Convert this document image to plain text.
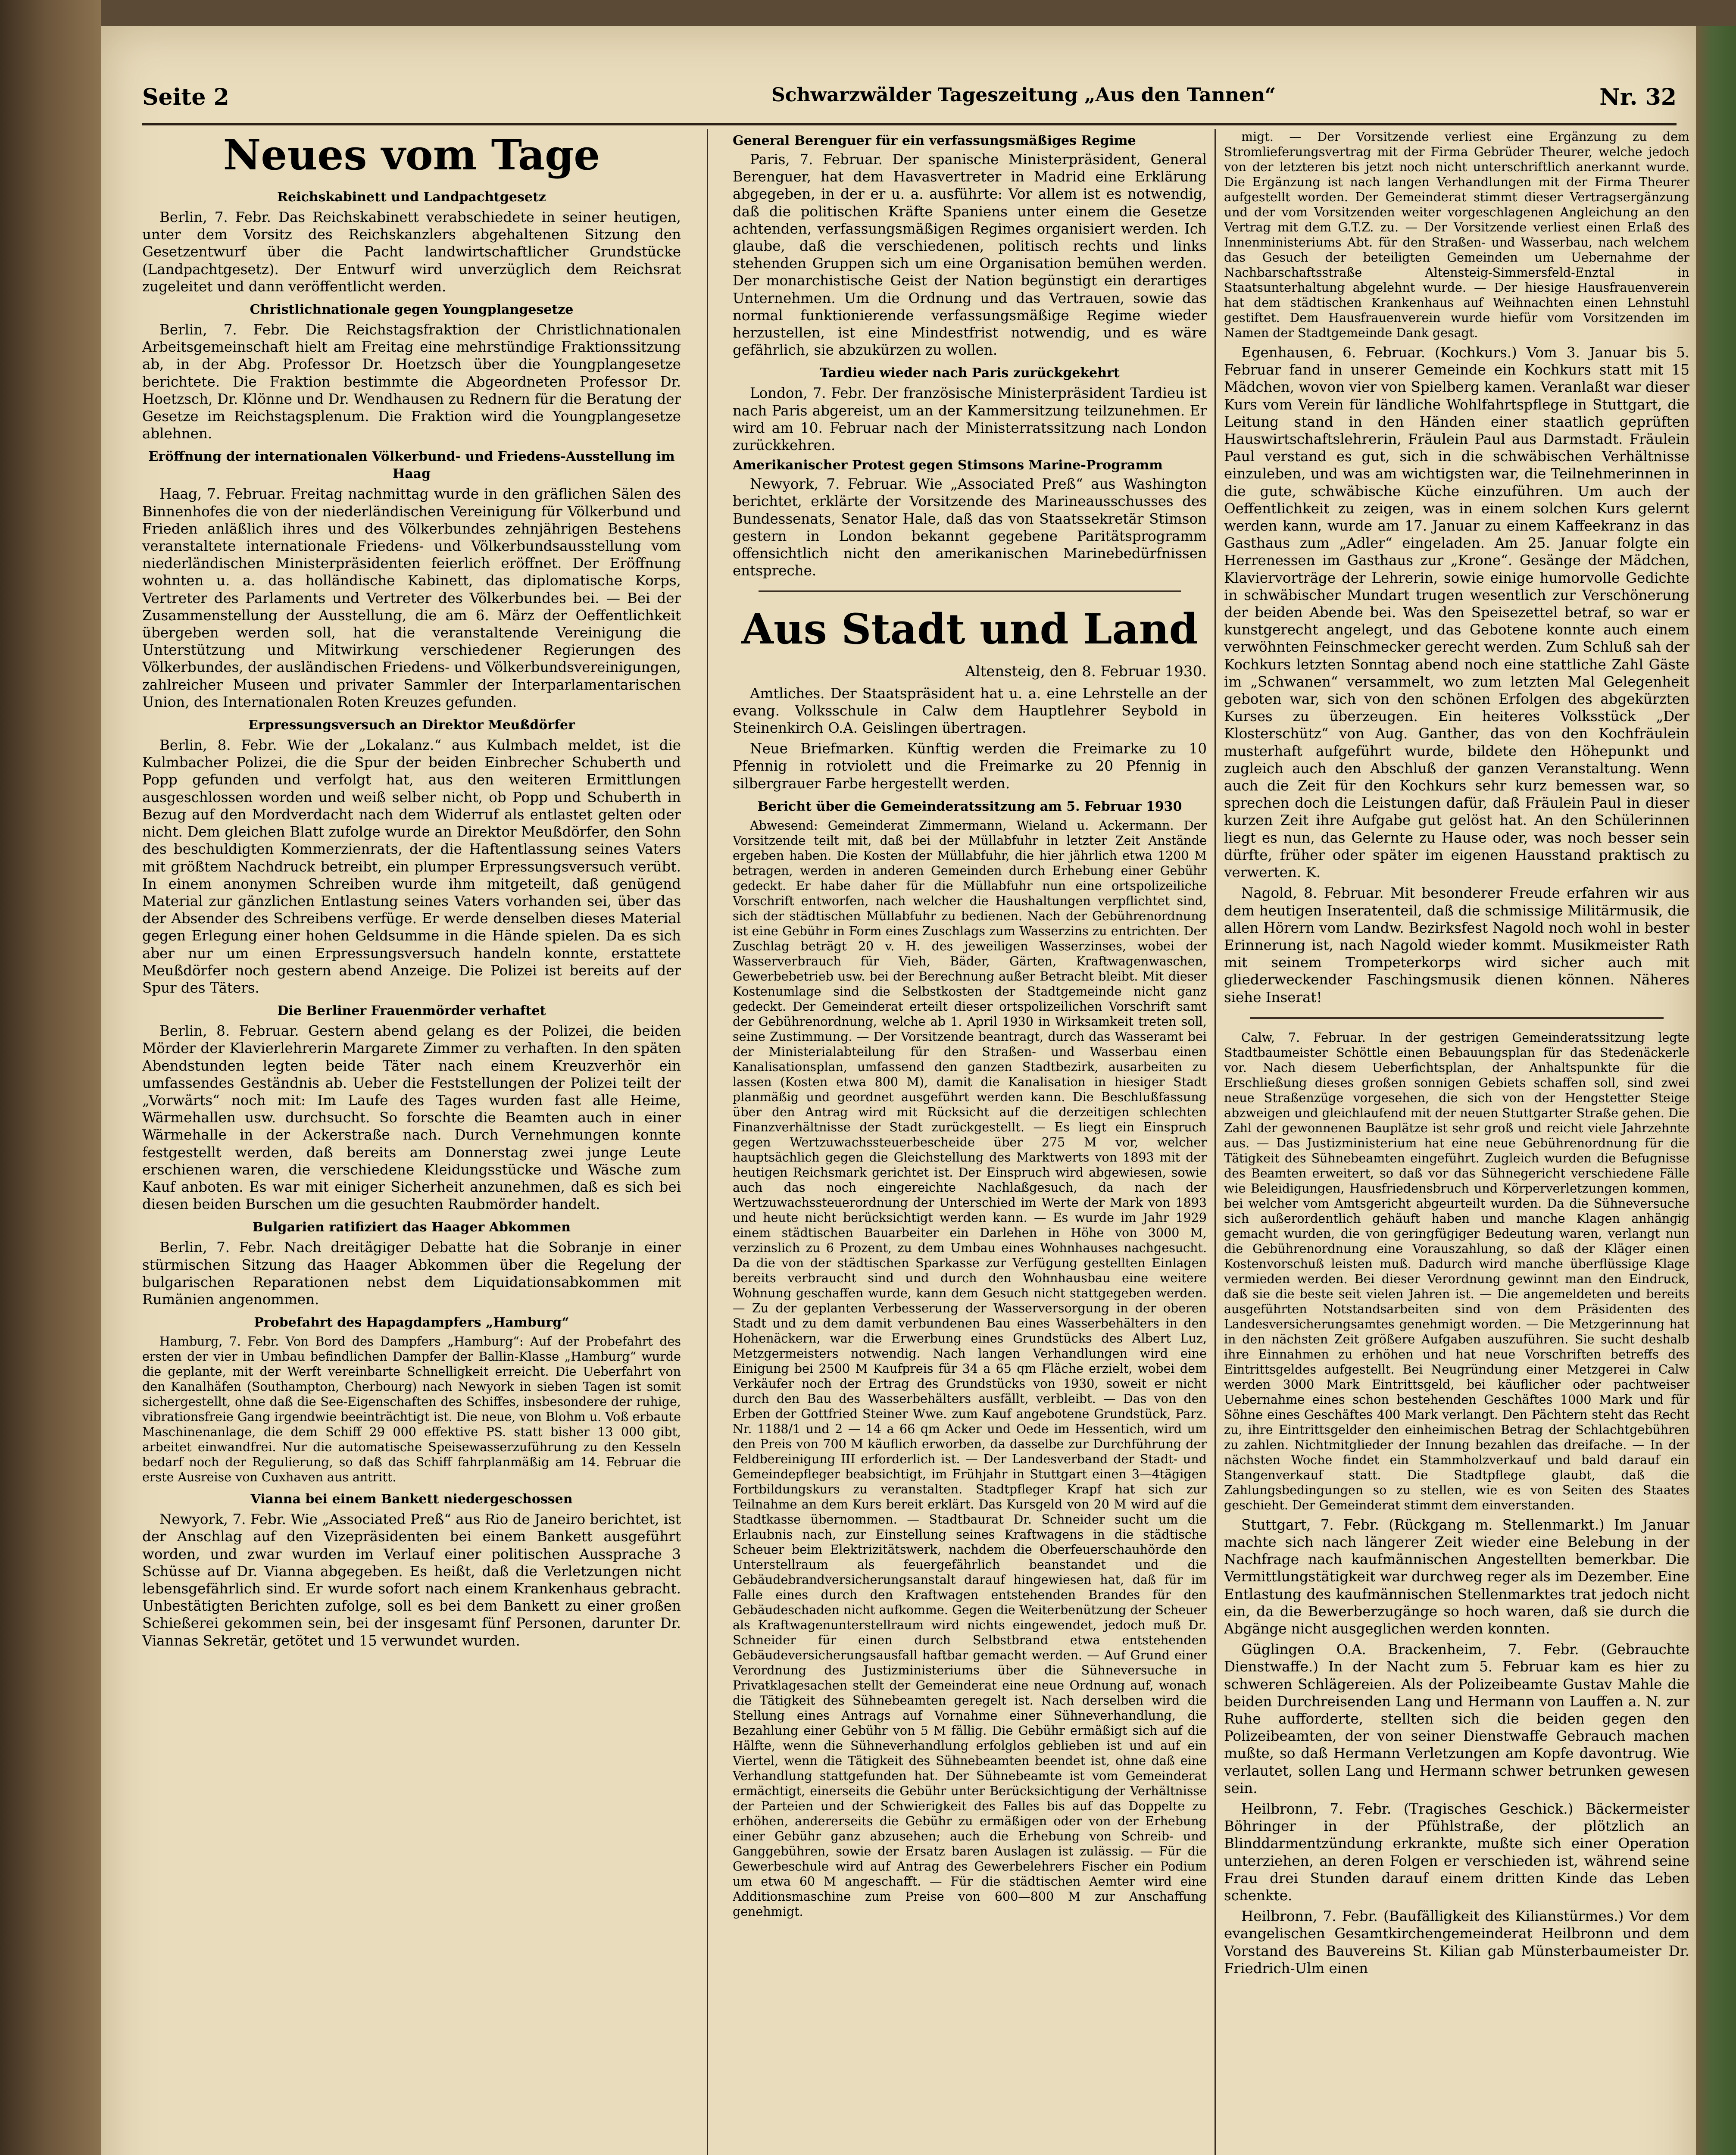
Seite 2	Schwarzwälder Tageszeitung „Aus den Tannen“	Nr. 32
Neues vom Tage
Reichskabinett und Landpachtgesetz

Berlin, 7. Febr. Das Reichskabinett verabschiedete in seiner heutigen, unter dem Vorsitz des Reichskanzlers abgehaltenen Sitzung den Gesetzentwurf über die Pacht landwirtschaftlicher Grundstücke (Landpachtgesetz). Der Entwurf wird unverzüglich dem Reichsrat zugeleitet und dann veröffentlicht werden.

Christlichnationale gegen Youngplangesetze

Berlin, 7. Febr. Die Reichstagsfraktion der Christlichnationalen Arbeitsgemeinschaft hielt am Freitag eine mehrstündige Fraktionssitzung ab, in der Abg. Professor Dr. Hoetzsch über die Youngplangesetze berichtete. Die Fraktion bestimmte die Abgeordneten Professor Dr. Hoetzsch, Dr. Klönne und Dr. Wendhausen zu Rednern für die Beratung der Gesetze im Reichstagsplenum. Die Fraktion wird die Youngplangesetze ablehnen.

Eröffnung der internationalen Völkerbund- und Friedens-Ausstellung im Haag

Haag, 7. Februar. Freitag nachmittag wurde in den gräflichen Sälen des Binnenhofes die von der niederländischen Vereinigung für Völkerbund und Frieden anläßlich ihres und des Völkerbundes zehnjährigen Bestehens veranstaltete internationale Friedens- und Völkerbundsausstellung vom niederländischen Ministerpräsidenten feierlich eröffnet. Der Eröffnung wohnten u. a. das holländische Kabinett, das diplomatische Korps, Vertreter des Parlaments und Vertreter des Völkerbundes bei. — Bei der Zusammenstellung der Ausstellung, die am 6. März der Oeffentlichkeit übergeben werden soll, hat die veranstaltende Vereinigung die Unterstützung und Mitwirkung verschiedener Regierungen des Völkerbundes, der ausländischen Friedens- und Völkerbundsvereinigungen, zahlreicher Museen und privater Sammler der Interparlamentarischen Union, des Internationalen Roten Kreuzes gefunden.

Erpressungsversuch an Direktor Meußdörfer

Berlin, 8. Febr. Wie der „Lokalanz.“ aus Kulmbach meldet, ist die Kulmbacher Polizei, die die Spur der beiden Einbrecher Schuberth und Popp gefunden und verfolgt hat, aus den weiteren Ermittlungen ausgeschlossen worden und weiß selber nicht, ob Popp und Schuberth in Bezug auf den Mordverdacht nach dem Widerruf als entlastet gelten oder nicht. Dem gleichen Blatt zufolge wurde an Direktor Meußdörfer, den Sohn des beschuldigten Kommerzienrats, der die Haftentlassung seines Vaters mit größtem Nachdruck betreibt, ein plumper Erpressungsversuch verübt. In einem anonymen Schreiben wurde ihm mitgeteilt, daß genügend Material zur gänzlichen Entlastung seines Vaters vorhanden sei, über das der Absender des Schreibens verfüge. Er werde denselben dieses Material gegen Erlegung einer hohen Geldsumme in die Hände spielen. Da es sich aber nur um einen Erpressungsversuch handeln konnte, erstattete Meußdörfer noch gestern abend Anzeige. Die Polizei ist bereits auf der Spur des Täters.

Die Berliner Frauenmörder verhaftet

Berlin, 8. Februar. Gestern abend gelang es der Polizei, die beiden Mörder der Klavierlehrerin Margarete Zimmer zu verhaften. In den späten Abendstunden legten beide Täter nach einem Kreuzverhör ein umfassendes Geständnis ab. Ueber die Feststellungen der Polizei teilt der „Vorwärts“ noch mit: Im Laufe des Tages wurden fast alle Heime, Wärmehallen usw. durchsucht. So forschte die Beamten auch in einer Wärmehalle in der Ackerstraße nach. Durch Vernehmungen konnte festgestellt werden, daß bereits am Donnerstag zwei junge Leute erschienen waren, die verschiedene Kleidungsstücke und Wäsche zum Kauf anboten. Es war mit einiger Sicherheit anzunehmen, daß es sich bei diesen beiden Burschen um die gesuchten Raubmörder handelt.

Bulgarien ratifiziert das Haager Abkommen

Berlin, 7. Febr. Nach dreitägiger Debatte hat die Sobranje in einer stürmischen Sitzung das Haager Abkommen über die Regelung der bulgarischen Reparationen nebst dem Liquidationsabkommen mit Rumänien angenommen.

Probefahrt des Hapagdampfers „Hamburg“

Hamburg, 7. Febr. Von Bord des Dampfers „Hamburg“: Auf der Probefahrt des ersten der vier in Umbau befindlichen Dampfer der Ballin-Klasse „Hamburg“ wurde die geplante, mit der Werft vereinbarte Schnelligkeit erreicht. Die Ueberfahrt von den Kanalhäfen (Southampton, Cherbourg) nach Newyork in sieben Tagen ist somit sichergestellt, ohne daß die See-Eigenschaften des Schiffes, insbesondere der ruhige, vibrationsfreie Gang irgendwie beeinträchtigt ist. Die neue, von Blohm u. Voß erbaute Maschinenanlage, die dem Schiff 29 000 effektive PS. statt bisher 13 000 gibt, arbeitet einwandfrei. Nur die automatische Speisewasserzuführung zu den Kesseln bedarf noch der Regulierung, so daß das Schiff fahrplanmäßig am 14. Februar die erste Ausreise von Cuxhaven aus antritt.

Vianna bei einem Bankett niedergeschossen

Newyork, 7. Febr. Wie „Associated Preß“ aus Rio de Janeiro berichtet, ist der Anschlag auf den Vizepräsidenten bei einem Bankett ausgeführt worden, und zwar wurden im Verlauf einer politischen Aussprache 3 Schüsse auf Dr. Vianna abgegeben. Es heißt, daß die Verletzungen nicht lebensgefährlich sind. Er wurde sofort nach einem Krankenhaus gebracht. Unbestätigten Berichten zufolge, soll es bei dem Bankett zu einer großen Schießerei gekommen sein, bei der insgesamt fünf Personen, darunter Dr. Viannas Sekretär, getötet und 15 verwundet wurden.

General Berenguer für ein verfassungsmäßiges Regime

Paris, 7. Februar. Der spanische Ministerpräsident, General Berenguer, hat dem Havasvertreter in Madrid eine Erklärung abgegeben, in der er u. a. ausführte: Vor allem ist es notwendig, daß die politischen Kräfte Spaniens unter einem die Gesetze achtenden, verfassungsmäßigen Regimes organisiert werden. Ich glaube, daß die verschiedenen, politisch rechts und links stehenden Gruppen sich um eine Organisation bemühen werden. Der monarchistische Geist der Nation begünstigt ein derartiges Unternehmen. Um die Ordnung und das Vertrauen, sowie das normal funktionierende verfassungsmäßige Regime wieder herzustellen, ist eine Mindestfrist notwendig, und es wäre gefährlich, sie abzukürzen zu wollen.

Tardieu wieder nach Paris zurückgekehrt

London, 7. Febr. Der französische Ministerpräsident Tardieu ist nach Paris abgereist, um an der Kammersitzung teilzunehmen. Er wird am 10. Februar nach der Ministerratssitzung nach London zurückkehren.

Amerikanischer Protest gegen Stimsons Marine-Programm

Newyork, 7. Februar. Wie „Associated Preß“ aus Washington berichtet, erklärte der Vorsitzende des Marineausschusses des Bundessenats, Senator Hale, daß das von Staatssekretär Stimson gestern in London bekannt gegebene Paritätsprogramm offensichtlich nicht den amerikanischen Marinebedürfnissen entspreche.

Aus Stadt und Land
Altensteig, den 8. Februar 1930.

Amtliches. Der Staatspräsident hat u. a. eine Lehrstelle an der evang. Volksschule in Calw dem Hauptlehrer Seybold in Steinenkirch O.A. Geislingen übertragen.

Neue Briefmarken. Künftig werden die Freimarke zu 10 Pfennig in rotviolett und die Freimarke zu 20 Pfennig in silbergrauer Farbe hergestellt werden.

Bericht über die Gemeinderatssitzung am 5. Februar 1930

Abwesend: Gemeinderat Zimmermann, Wieland u. Ackermann. Der Vorsitzende teilt mit, daß bei der Müllabfuhr in letzter Zeit Anstände ergeben haben. Die Kosten der Müllabfuhr, die hier jährlich etwa 1200 M betragen, werden in anderen Gemeinden durch Erhebung einer Gebühr gedeckt. Er habe daher für die Müllabfuhr nun eine ortspolizeiliche Vorschrift entworfen, nach welcher die Haushaltungen verpflichtet sind, sich der städtischen Müllabfuhr zu bedienen. Nach der Gebührenordnung ist eine Gebühr in Form eines Zuschlags zum Wasserzins zu entrichten. Der Zuschlag beträgt 20 v. H. des jeweiligen Wasserzinses, wobei der Wasserverbrauch für Vieh, Bäder, Gärten, Kraftwagenwaschen, Gewerbebetrieb usw. bei der Berechnung außer Betracht bleibt. Mit dieser Kostenumlage sind die Selbstkosten der Stadtgemeinde nicht ganz gedeckt. Der Gemeinderat erteilt dieser ortspolizeilichen Vorschrift samt der Gebührenordnung, welche ab 1. April 1930 in Wirksamkeit treten soll, seine Zustimmung. — Der Vorsitzende beantragt, durch das Wasseramt bei der Ministerialabteilung für den Straßen- und Wasserbau einen Kanalisationsplan, umfassend den ganzen Stadtbezirk, ausarbeiten zu lassen (Kosten etwa 800 M), damit die Kanalisation in hiesiger Stadt planmäßig und geordnet ausgeführt werden kann. Die Beschlußfassung über den Antrag wird mit Rücksicht auf die derzeitigen schlechten Finanzverhältnisse der Stadt zurückgestellt. — Es liegt ein Einspruch gegen Wertzuwachssteuerbescheide über 275 M vor, welcher hauptsächlich gegen die Gleichstellung des Marktwerts von 1893 mit der heutigen Reichsmark gerichtet ist. Der Einspruch wird abgewiesen, sowie auch das noch eingereichte Nachlaßgesuch, da nach der Wertzuwachssteuerordnung der Unterschied im Werte der Mark von 1893 und heute nicht berücksichtigt werden kann. — Es wurde im Jahr 1929 einem städtischen Bauarbeiter ein Darlehen in Höhe von 3000 M, verzinslich zu 6 Prozent, zu dem Umbau eines Wohnhauses nachgesucht. Da die von der städtischen Sparkasse zur Verfügung gestellten Einlagen bereits verbraucht sind und durch den Wohnhausbau eine weitere Wohnung geschaffen wurde, kann dem Gesuch nicht stattgegeben werden. — Zu der geplanten Verbesserung der Wasserversorgung in der oberen Stadt und zu dem damit verbundenen Bau eines Wasserbehälters in den Hohenäckern, war die Erwerbung eines Grundstücks des Albert Luz, Metzgermeisters notwendig. Nach langen Verhandlungen wird eine Einigung bei 2500 M Kaufpreis für 34 a 65 qm Fläche erzielt, wobei dem Verkäufer noch der Ertrag des Grundstücks von 1930, soweit er nicht durch den Bau des Wasserbehälters ausfällt, verbleibt. — Das von den Erben der Gottfried Steiner Wwe. zum Kauf angebotene Grundstück, Parz. Nr. 1188/1 und 2 — 14 a 66 qm Acker und Oede im Hessentich, wird um den Preis von 700 M käuflich erworben, da dasselbe zur Durchführung der Feldbereinigung III erforderlich ist. — Der Landesverband der Stadt- und Gemeindepfleger beabsichtigt, im Frühjahr in Stuttgart einen 3—4tägigen Fortbildungskurs zu veranstalten. Stadtpfleger Krapf hat sich zur Teilnahme an dem Kurs bereit erklärt. Das Kursgeld von 20 M wird auf die Stadtkasse übernommen. — Stadtbaurat Dr. Schneider sucht um die Erlaubnis nach, zur Einstellung seines Kraftwagens in die städtische Scheuer beim Elektrizitätswerk, nachdem die Oberfeuerschauhörde den Unterstellraum als feuergefährlich beanstandet und die Gebäudebrandversicherungsanstalt darauf hingewiesen hat, daß für im Falle eines durch den Kraftwagen entstehenden Brandes für den Gebäudeschaden nicht aufkomme. Gegen die Weiterbenützung der Scheuer als Kraftwagenunterstellraum wird nichts eingewendet, jedoch muß Dr. Schneider für einen durch Selbstbrand etwa entstehenden Gebäudeversicherungsausfall haftbar gemacht werden. — Auf Grund einer Verordnung des Justizministeriums über die Sühneversuche in Privatklagesachen stellt der Gemeinderat eine neue Ordnung auf, wonach die Tätigkeit des Sühnebeamten geregelt ist. Nach derselben wird die Stellung eines Antrags auf Vornahme einer Sühneverhandlung, die Bezahlung einer Gebühr von 5 M fällig. Die Gebühr ermäßigt sich auf die Hälfte, wenn die Sühneverhandlung erfolglos geblieben ist und auf ein Viertel, wenn die Tätigkeit des Sühnebeamten beendet ist, ohne daß eine Verhandlung stattgefunden hat. Der Sühnebeamte ist vom Gemeinderat ermächtigt, einerseits die Gebühr unter Berücksichtigung der Verhältnisse der Parteien und der Schwierigkeit des Falles bis auf das Doppelte zu erhöhen, andererseits die Gebühr zu ermäßigen oder von der Erhebung einer Gebühr ganz abzusehen; auch die Erhebung von Schreib- und Ganggebühren, sowie der Ersatz baren Auslagen ist zulässig. — Für die Gewerbeschule wird auf Antrag des Gewerbelehrers Fischer ein Podium um etwa 60 M angeschafft. — Für die städtischen Aemter wird eine Additionsmaschine zum Preise von 600—800 M zur Anschaffung genehmigt.

migt. — Der Vorsitzende verliest eine Ergänzung zu dem Stromlieferungsvertrag mit der Firma Gebrüder Theurer, welche jedoch von der letzteren bis jetzt noch nicht unterschriftlich anerkannt wurde. Die Ergänzung ist nach langen Verhandlungen mit der Firma Theurer aufgestellt worden. Der Gemeinderat stimmt dieser Vertragsergänzung und der vom Vorsitzenden weiter vorgeschlagenen Angleichung an den Vertrag mit dem G.T.Z. zu. — Der Vorsitzende verliest einen Erlaß des Innenministeriums Abt. für den Straßen- und Wasserbau, nach welchem das Gesuch der beteiligten Gemeinden um Uebernahme der Nachbarschaftsstraße Altensteig-Simmersfeld-Enztal in Staatsunterhaltung abgelehnt wurde. — Der hiesige Hausfrauenverein hat dem städtischen Krankenhaus auf Weihnachten einen Lehnstuhl gestiftet. Dem Hausfrauenverein wurde hiefür vom Vorsitzenden im Namen der Stadtgemeinde Dank gesagt.

Egenhausen, 6. Februar. (Kochkurs.) Vom 3. Januar bis 5. Februar fand in unserer Gemeinde ein Kochkurs statt mit 15 Mädchen, wovon vier von Spielberg kamen. Veranlaßt war dieser Kurs vom Verein für ländliche Wohlfahrtspflege in Stuttgart, die Leitung stand in den Händen einer staatlich geprüften Hauswirtschaftslehrerin, Fräulein Paul aus Darmstadt. Fräulein Paul verstand es gut, sich in die schwäbischen Verhältnisse einzuleben, und was am wichtigsten war, die Teilnehmerinnen in die gute, schwäbische Küche einzuführen. Um auch der Oeffentlichkeit zu zeigen, was in einem solchen Kurs gelernt werden kann, wurde am 17. Januar zu einem Kaffeekranz in das Gasthaus zum „Adler“ eingeladen. Am 25. Januar folgte ein Herrenessen im Gasthaus zur „Krone“. Gesänge der Mädchen, Klaviervorträge der Lehrerin, sowie einige humorvolle Gedichte in schwäbischer Mundart trugen wesentlich zur Verschönerung der beiden Abende bei. Was den Speisezettel betraf, so war er kunstgerecht angelegt, und das Gebotene konnte auch einem verwöhnten Feinschmecker gerecht werden. Zum Schluß sah der Kochkurs letzten Sonntag abend noch eine stattliche Zahl Gäste im „Schwanen“ versammelt, wo zum letzten Mal Gelegenheit geboten war, sich von den schönen Erfolgen des abgekürzten Kurses zu überzeugen. Ein heiteres Volksstück „Der Klosterschütz“ von Aug. Ganther, das von den Kochfräulein musterhaft aufgeführt wurde, bildete den Höhepunkt und zugleich auch den Abschluß der ganzen Veranstaltung. Wenn auch die Zeit für den Kochkurs sehr kurz bemessen war, so sprechen doch die Leistungen dafür, daß Fräulein Paul in dieser kurzen Zeit ihre Aufgabe gut gelöst hat. An den Schülerinnen liegt es nun, das Gelernte zu Hause oder, was noch besser sein dürfte, früher oder später im eigenen Hausstand praktisch zu verwerten. K.

Nagold, 8. Februar. Mit besonderer Freude erfahren wir aus dem heutigen Inseratenteil, daß die schmissige Militärmusik, die allen Hörern vom Landw. Bezirksfest Nagold noch wohl in bester Erinnerung ist, nach Nagold wieder kommt. Musikmeister Rath mit seinem Trompeterkorps wird sicher auch mit gliederweckender Faschingsmusik dienen können. Näheres siehe Inserat!

Calw, 7. Februar. In der gestrigen Gemeinderatssitzung legte Stadtbaumeister Schöttle einen Bebauungsplan für das Stedenäckerle vor. Nach diesem Ueberfichtsplan, der Anhaltspunkte für die Erschließung dieses großen sonnigen Gebiets schaffen soll, sind zwei neue Straßenzüge vorgesehen, die sich von der Hengstetter Steige abzweigen und gleichlaufend mit der neuen Stuttgarter Straße gehen. Die Zahl der gewonnenen Bauplätze ist sehr groß und reicht viele Jahrzehnte aus. — Das Justizministerium hat eine neue Gebührenordnung für die Tätigkeit des Sühnebeamten eingeführt. Zugleich wurden die Befugnisse des Beamten erweitert, so daß vor das Sühnegericht verschiedene Fälle wie Beleidigungen, Hausfriedensbruch und Körperverletzungen kommen, bei welcher vom Amtsgericht abgeurteilt wurden. Da die Sühneversuche sich außerordentlich gehäuft haben und manche Klagen anhängig gemacht wurden, die von geringfügiger Bedeutung waren, verlangt nun die Gebührenordnung eine Vorauszahlung, so daß der Kläger einen Kostenvorschuß leisten muß. Dadurch wird manche überflüssige Klage vermieden werden. Bei dieser Verordnung gewinnt man den Eindruck, daß sie die beste seit vielen Jahren ist. — Die angemeldeten und bereits ausgeführten Notstandsarbeiten sind von dem Präsidenten des Landesversicherungsamtes genehmigt worden. — Die Metzgerinnung hat in den nächsten Zeit größere Aufgaben auszuführen. Sie sucht deshalb ihre Einnahmen zu erhöhen und hat neue Vorschriften betreffs des Eintrittsgeldes aufgestellt. Bei Neugründung einer Metzgerei in Calw werden 3000 Mark Eintrittsgeld, bei käuflicher oder pachtweiser Uebernahme eines schon bestehenden Geschäftes 1000 Mark und für Söhne eines Geschäftes 400 Mark verlangt. Den Pächtern steht das Recht zu, ihre Eintrittsgelder den einheimischen Betrag der Schlachtgebühren zu zahlen. Nichtmitglieder der Innung bezahlen das dreifache. — In der nächsten Woche findet ein Stammholzverkauf und bald darauf ein Stangenverkauf statt. Die Stadtpflege glaubt, daß die Zahlungsbedingungen so zu stellen, wie es von Seiten des Staates geschieht. Der Gemeinderat stimmt dem einverstanden.

Stuttgart, 7. Febr. (Rückgang m. Stellenmarkt.) Im Januar machte sich nach längerer Zeit wieder eine Belebung in der Nachfrage nach kaufmännischen Angestellten bemerkbar. Die Vermittlungstätigkeit war durchweg reger als im Dezember. Eine Entlastung des kaufmännischen Stellenmarktes trat jedoch nicht ein, da die Bewerberzugänge so hoch waren, daß sie durch die Abgänge nicht ausgeglichen werden konnten.

Güglingen O.A. Brackenheim, 7. Febr. (Gebrauchte Dienstwaffe.) In der Nacht zum 5. Februar kam es hier zu schweren Schlägereien. Als der Polizeibeamte Gustav Mahle die beiden Durchreisenden Lang und Hermann von Lauffen a. N. zur Ruhe aufforderte, stellten sich die beiden gegen den Polizeibeamten, der von seiner Dienstwaffe Gebrauch machen mußte, so daß Hermann Verletzungen am Kopfe davontrug. Wie verlautet, sollen Lang und Hermann schwer betrunken gewesen sein.

Heilbronn, 7. Febr. (Tragisches Geschick.) Bäckermeister Böhringer in der Pfühlstraße, der plötzlich an Blinddarmentzündung erkrankte, mußte sich einer Operation unterziehen, an deren Folgen er verschieden ist, während seine Frau drei Stunden darauf einem dritten Kinde das Leben schenkte.

Heilbronn, 7. Febr. (Baufälligkeit des Kilianstürmes.) Vor dem evangelischen Gesamtkirchengemeinderat Heilbronn und dem Vorstand des Bauvereins St. Kilian gab Münsterbaumeister Dr. Friedrich-Ulm einen
